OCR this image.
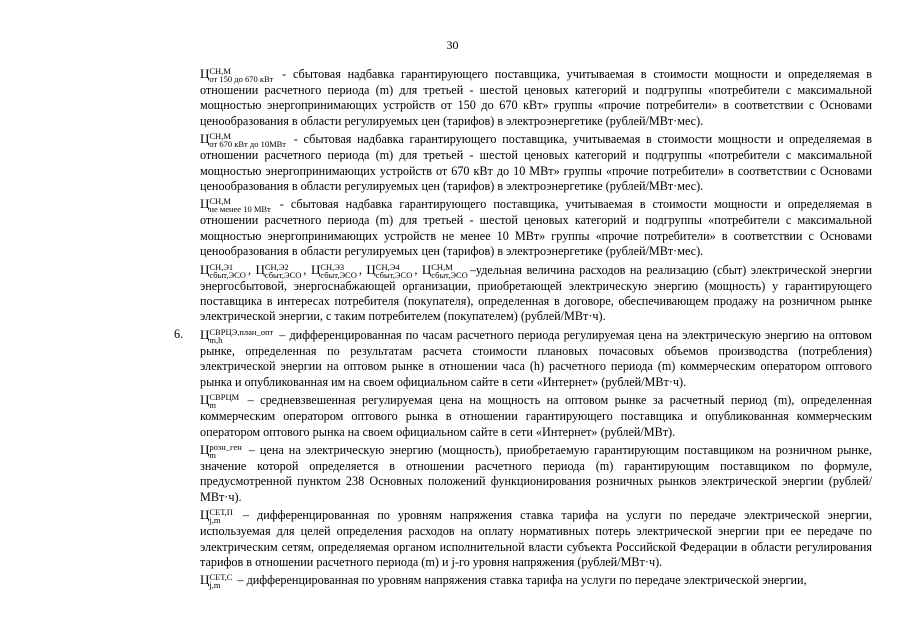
30

Ц СН,М
от 150 до 670 кВт - сбытовая надбавка гарантирующего поставщика, учитываемая в стоимости мощности и определяемая в отношении расчетного периода (m) для третьей - шестой ценовых категорий и подгруппы «потребители с максимальной мощностью энергопринимающих устройств от 150 до 670 кВт» группы «прочие потребители» в соответствии с Основами ценообразования в области регулируемых цен (тарифов) в электроэнергетике (рублей/МВт·мес).

Ц СН,М
от 670 кВт до 10МВт - сбытовая надбавка гарантирующего поставщика, учитываемая в стоимости мощности и определяемая в отношении расчетного периода (m) для третьей - шестой ценовых категорий и подгруппы «потребители с максимальной мощностью энергопринимающих устройств от 670 кВт до 10 МВт» группы «прочие потребители» в соответствии с Основами ценообразования в области регулируемых цен (тарифов) в электроэнергетике (рублей/МВт·мес).

Ц СН,М
не менее 10 МВт - сбытовая надбавка гарантирующего поставщика, учитываемая в стоимости мощности и определяемая в отношении расчетного периода (m) для третьей - шестой ценовых категорий и подгруппы «потребители с максимальной мощностью энергопринимающих устройств не менее 10 МВт» группы «прочие потребители» в соответствии с Основами ценообразования в области регулируемых цен (тарифов) в электроэнергетике (рублей/МВт·мес).

Ц СН,Э1
сбыт,ЭСО , Ц СН,Э2
сбыт,ЭСО , Ц СН,Э3
сбыт,ЭСО , Ц СН,Э4
сбыт,ЭСО , Ц СН,М
сбыт,ЭСО –удельная величина расходов на реализацию (сбыт) электрической энергии энергосбытовой, энергоснабжающей организации, приобретающей электрическую энергию (мощность) у гарантирующего поставщика в интересах потребителя (покупателя), определенная в договоре, обеспечивающем продажу на розничном рынке электрической энергии, с таким потребителем (покупателем) (рублей/МВт·ч).

6. Ц СВРЦЭ,план_опт
m,h	– дифференцированная по часам расчетного периода регулируемая цена на электрическую энергию на оптовом рынке, определенная по результатам расчета стоимости плановых почасовых объемов производства (потребления) электрической энергии на оптовом рынке в отношении часа (h) расчетного периода (m) коммерческим оператором оптового рынка и опубликованная им на своем официальном сайте в сети «Интернет» (рублей/МВт·ч).

Ц СВРЦМ
m	– средневзвешенная регулируемая цена на мощность на оптовом рынке за расчетный период (m), определенная коммерческим оператором оптового рынка в отношении гарантирующего поставщика и опубликованная коммерческим оператором оптового рынка на своем официальном сайте в сети «Интернет» (рублей/МВт).

Ц розн_ген
m	– цена на электрическую энергию (мощность), приобретаемую гарантирующим поставщиком на розничном рынке, значение которой определяется в отношении расчетного периода (m) гарантирующим поставщиком по формуле, предусмотренной пунктом 238 Основных положений функционирования розничных рынков электрической энергии (рублей/МВт·ч).

Ц СЕТ,П
j,m	– дифференцированная по уровням напряжения ставка тарифа на услуги по передаче электрической энергии, используемая для целей определения расходов на оплату нормативных потерь электрической энергии при ее передаче по электрическим сетям, определяемая органом исполнительной власти субъекта Российской Федерации в области регулирования тарифов в отношении расчетного периода (m) и j-го уровня напряжения (рублей/МВт·ч).

Ц СЕТ,С
j,m	– дифференцированная по уровням напряжения ставка тарифа на услуги по передаче электрической энергии,
